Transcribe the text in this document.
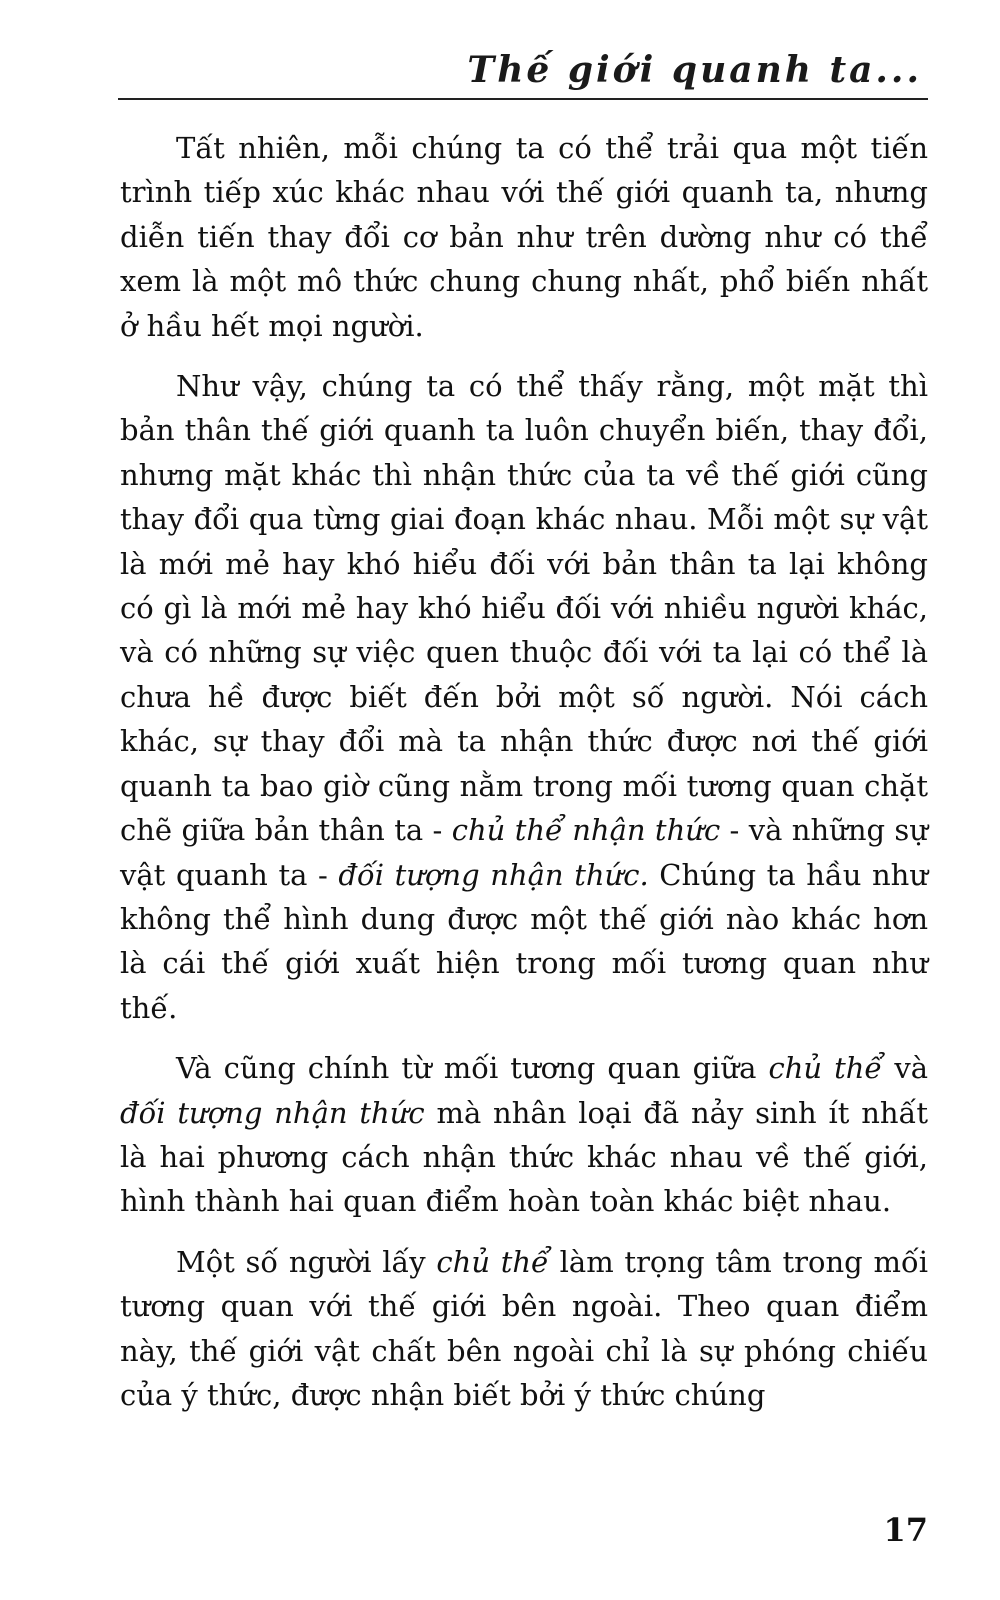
Thế giới quanh ta...

Tất nhiên, mỗi chúng ta có thể trải qua một tiến trình tiếp xúc khác nhau với thế giới quanh ta, nhưng diễn tiến thay đổi cơ bản như trên dường như có thể xem là một mô thức chung chung nhất, phổ biến nhất ở hầu hết mọi người.

Như vậy, chúng ta có thể thấy rằng, một mặt thì bản thân thế giới quanh ta luôn chuyển biến, thay đổi, nhưng mặt khác thì nhận thức của ta về thế giới cũng thay đổi qua từng giai đoạn khác nhau. Mỗi một sự vật là mới mẻ hay khó hiểu đối với bản thân ta lại không có gì là mới mẻ hay khó hiểu đối với nhiều người khác, và có những sự việc quen thuộc đối với ta lại có thể là chưa hề được biết đến bởi một số người. Nói cách khác, sự thay đổi mà ta nhận thức được nơi thế giới quanh ta bao giờ cũng nằm trong mối tương quan chặt chẽ giữa bản thân ta - chủ thể nhận thức - và những sự vật quanh ta - đối tượng nhận thức. Chúng ta hầu như không thể hình dung được một thế giới nào khác hơn là cái thế giới xuất hiện trong mối tương quan như thế.

Và cũng chính từ mối tương quan giữa chủ thể và đối tượng nhận thức mà nhân loại đã nảy sinh ít nhất là hai phương cách nhận thức khác nhau về thế giới, hình thành hai quan điểm hoàn toàn khác biệt nhau.

Một số người lấy chủ thể làm trọng tâm trong mối tương quan với thế giới bên ngoài. Theo quan điểm này, thế giới vật chất bên ngoài chỉ là sự phóng chiếu của ý thức, được nhận biết bởi ý thức chúng

17
